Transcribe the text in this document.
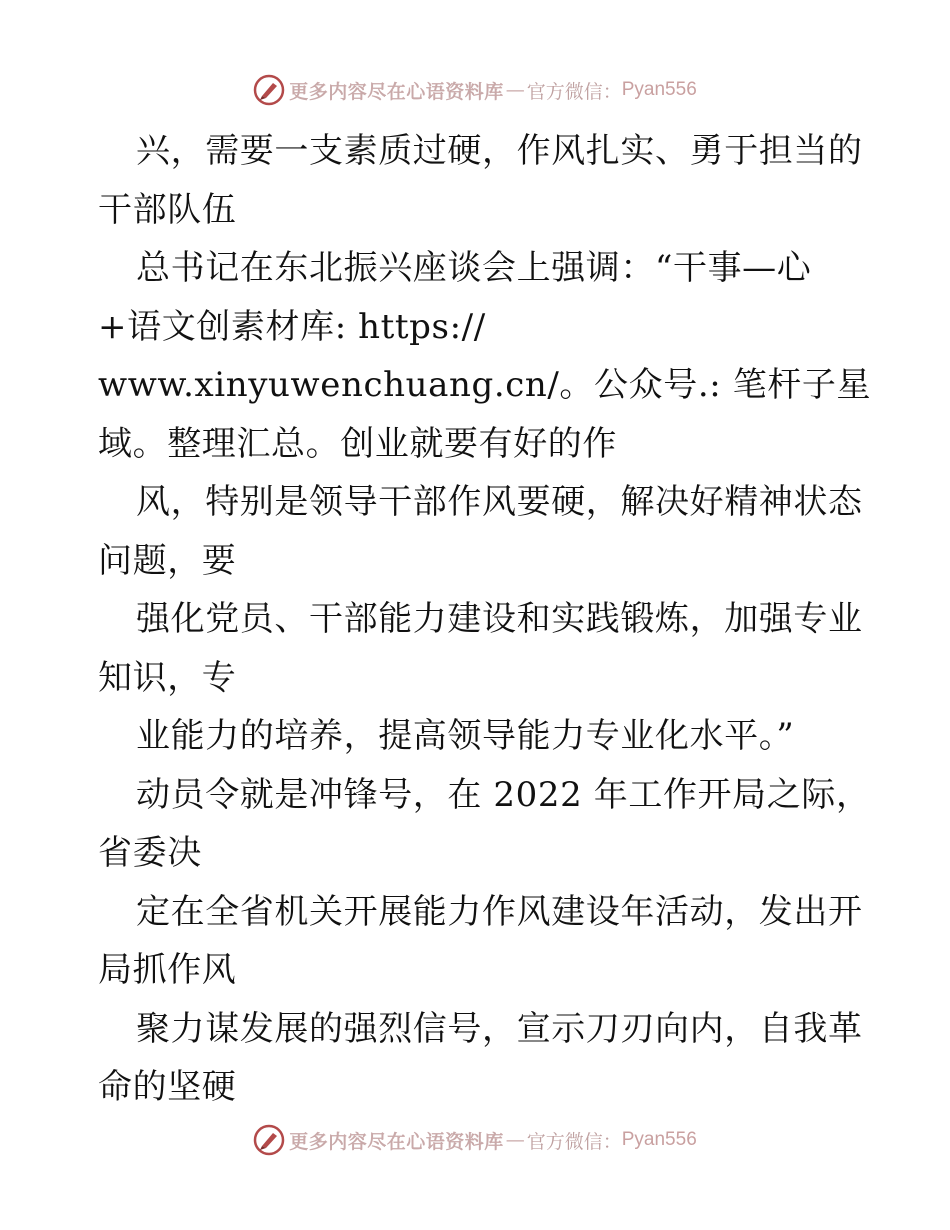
更多内容尽在心语资料库 — 官方微信： Pyan556
兴，需要一支素质过硬，作风扎实、勇于担当的
干部队伍
总书记在东北振兴座谈会上强调：“干事—心
+语文创素材库: https://
www.xinyuwenchuang.cn/。公众号.: 笔杆子星
域。整理汇总。创业就要有好的作
风，特别是领导干部作风要硬，解决好精神状态
问题，要
强化党员、干部能力建设和实践锻炼，加强专业
知识，专
业能力的培养，提高领导能力专业化水平。”
动员令就是冲锋号，在 2022 年工作开局之际，
省委决
定在全省机关开展能力作风建设年活动，发出开
局抓作风
聚力谋发展的强烈信号，宣示刀刃向内，自我革
命的坚硬
更多内容尽在心语资料库 — 官方微信： Pyan556
